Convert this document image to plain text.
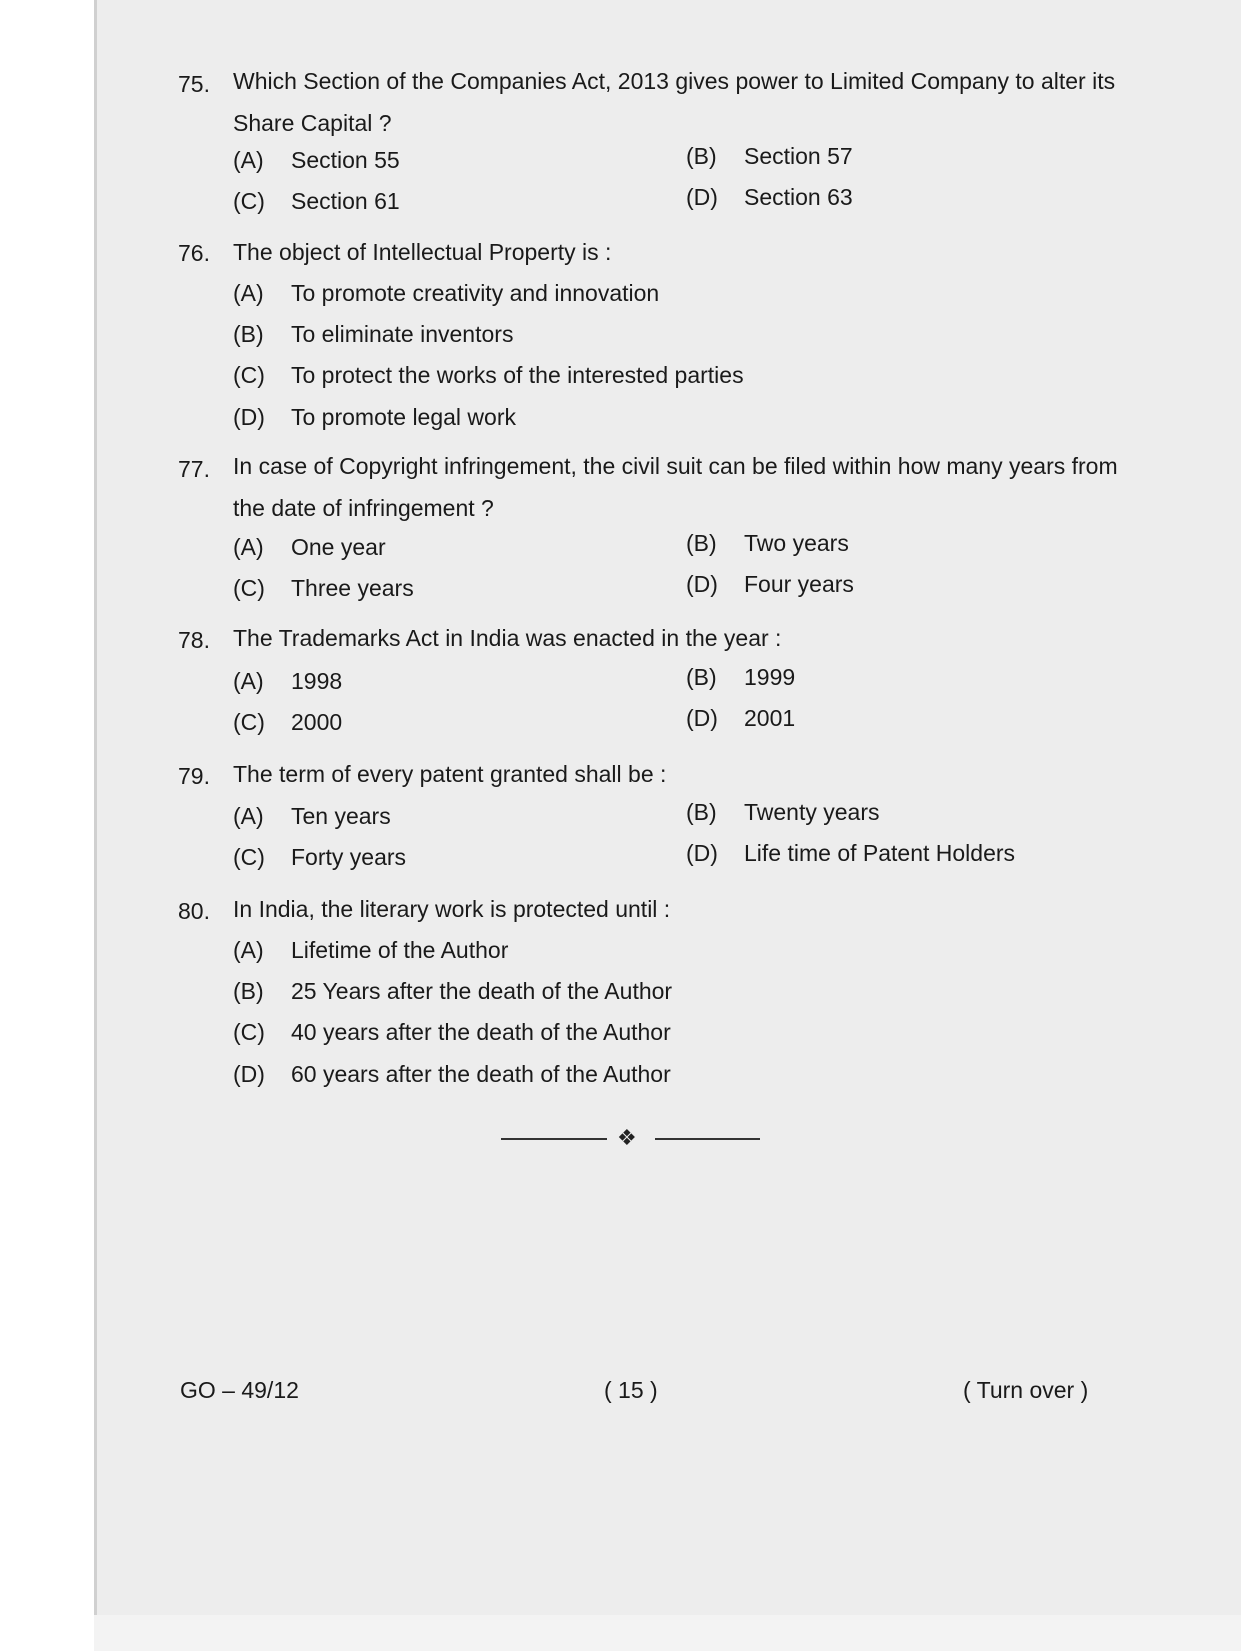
75. Which Section of the Companies Act, 2013 gives power to Limited Company to alter its Share Capital ?
(A) Section 55	(B) Section 57
(C) Section 61	(D) Section 63
76. The object of Intellectual Property is :
(A) To promote creativity and innovation
(B) To eliminate inventors
(C) To protect the works of the interested parties
(D) To promote legal work
77. In case of Copyright infringement, the civil suit can be filed within how many years from the date of infringement ?
(A) One year	(B) Two years
(C) Three years	(D) Four years
78. The Trademarks Act in India was enacted in the year :
(A) 1998	(B) 1999
(C) 2000	(D) 2001
79. The term of every patent granted shall be :
(A) Ten years	(B) Twenty years
(C) Forty years	(D) Life time of Patent Holders
80. In India, the literary work is protected until :
(A) Lifetime of the Author
(B) 25 Years after the death of the Author
(C) 40 years after the death of the Author
(D) 60 years after the death of the Author
❖
GO – 49/12	( 15 )	( Turn over )
